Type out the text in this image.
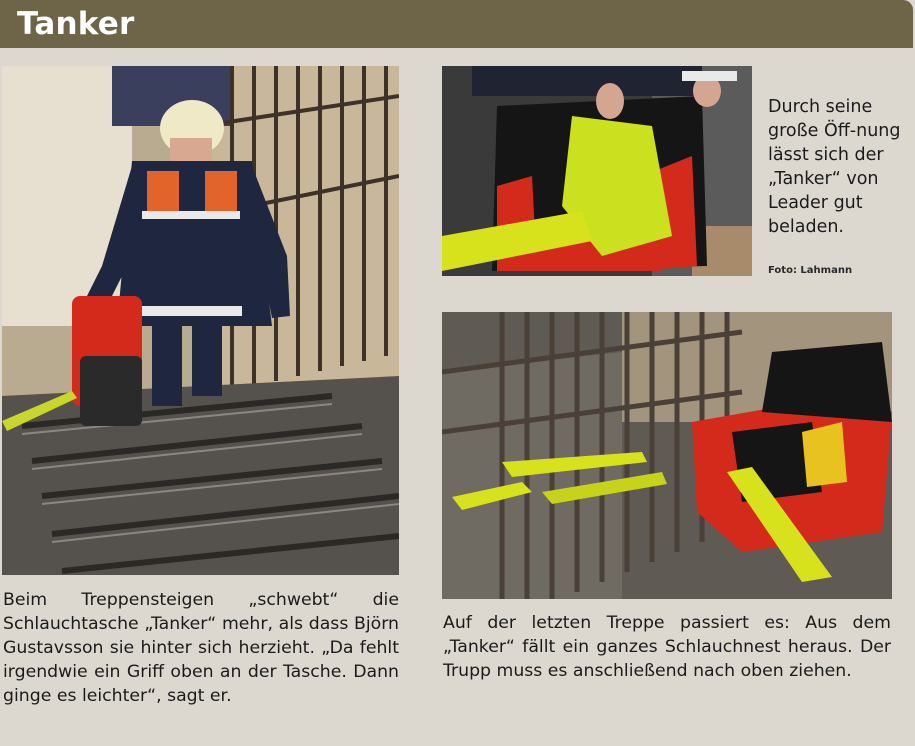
Tanker

Beim Treppensteigen „schwebt“ die Schlauchtasche „Tanker“ mehr, als dass Björn Gustavsson sie hinter sich herzieht. „Da fehlt irgendwie ein Griff oben an der Tasche. Dann ginge es leichter“, sagt er.

Durch seine große Öff-nung lässt sich der „Tanker“ von Leader gut beladen.
Foto: Lahmann

Auf der letzten Treppe passiert es: Aus dem „Tanker“ fällt ein ganzes Schlauchnest heraus. Der Trupp muss es anschließend nach oben ziehen.
